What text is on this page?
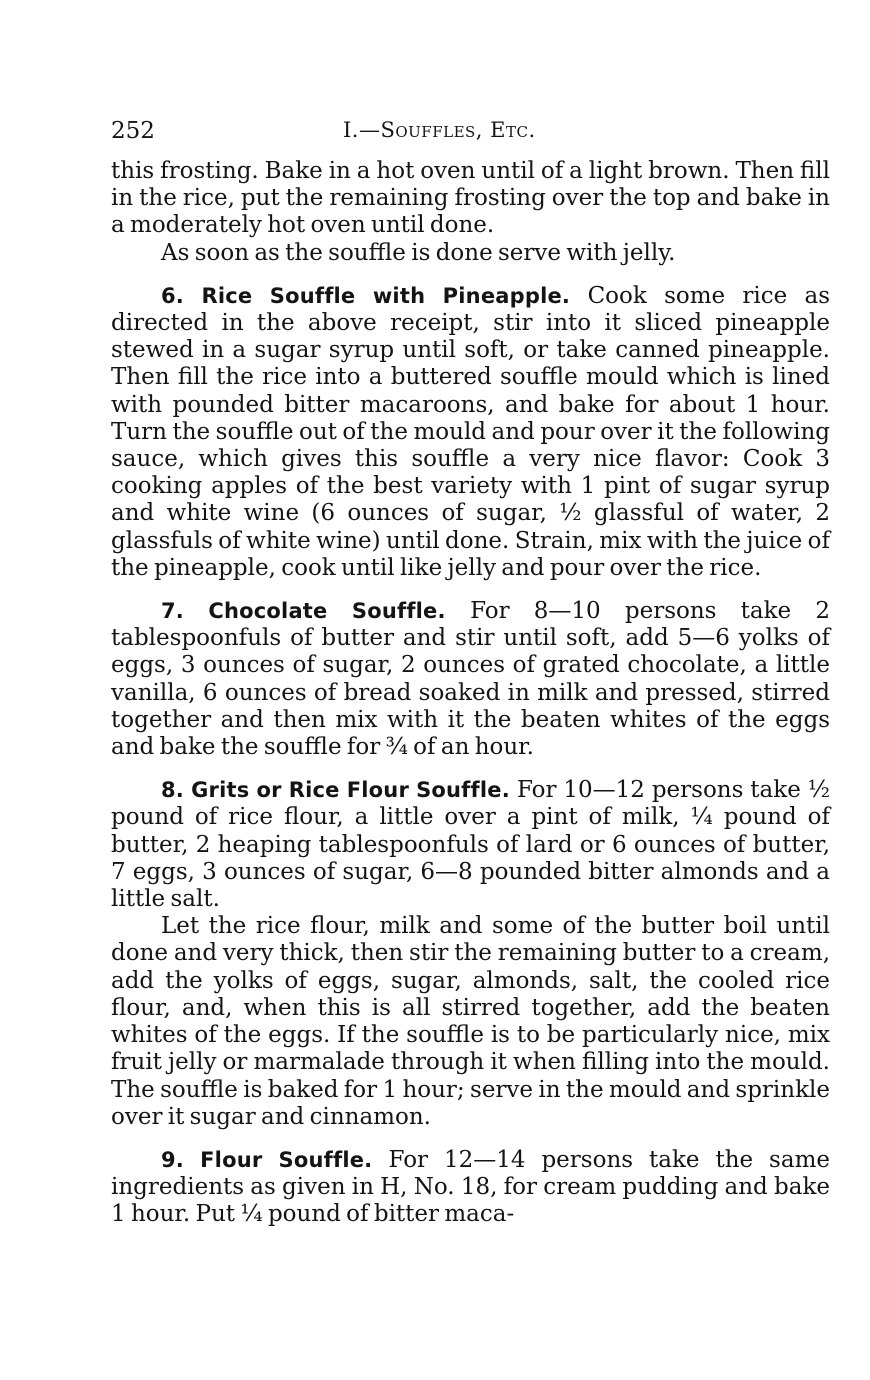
252	I.—Souffles, Etc.

this frosting. Bake in a hot oven until of a light brown. Then fill in the rice, put the remaining frosting over the top and bake in a moderately hot oven until done.

As soon as the souffle is done serve with jelly.

6. Rice Souffle with Pineapple. Cook some rice as directed in the above receipt, stir into it sliced pineapple stewed in a sugar syrup until soft, or take canned pineapple. Then fill the rice into a buttered souffle mould which is lined with pounded bitter macaroons, and bake for about 1 hour. Turn the souffle out of the mould and pour over it the following sauce, which gives this souffle a very nice flavor: Cook 3 cooking apples of the best variety with 1 pint of sugar syrup and white wine (6 ounces of sugar, ½ glassful of water, 2 glassfuls of white wine) until done. Strain, mix with the juice of the pineapple, cook until like jelly and pour over the rice.

7. Chocolate Souffle. For 8—10 persons take 2 tablespoonfuls of butter and stir until soft, add 5—6 yolks of eggs, 3 ounces of sugar, 2 ounces of grated chocolate, a little vanilla, 6 ounces of bread soaked in milk and pressed, stirred together and then mix with it the beaten whites of the eggs and bake the souffle for ¾ of an hour.

8. Grits or Rice Flour Souffle. For 10—12 persons take ½ pound of rice flour, a little over a pint of milk, ¼ pound of butter, 2 heaping tablespoonfuls of lard or 6 ounces of butter, 7 eggs, 3 ounces of sugar, 6—8 pounded bitter almonds and a little salt.

Let the rice flour, milk and some of the butter boil until done and very thick, then stir the remaining butter to a cream, add the yolks of eggs, sugar, almonds, salt, the cooled rice flour, and, when this is all stirred together, add the beaten whites of the eggs. If the souffle is to be particularly nice, mix fruit jelly or marmalade through it when filling into the mould. The souffle is baked for 1 hour; serve in the mould and sprinkle over it sugar and cinnamon.

9. Flour Souffle. For 12—14 persons take the same ingredients as given in H, No. 18, for cream pudding and bake 1 hour. Put ¼ pound of bitter maca-
